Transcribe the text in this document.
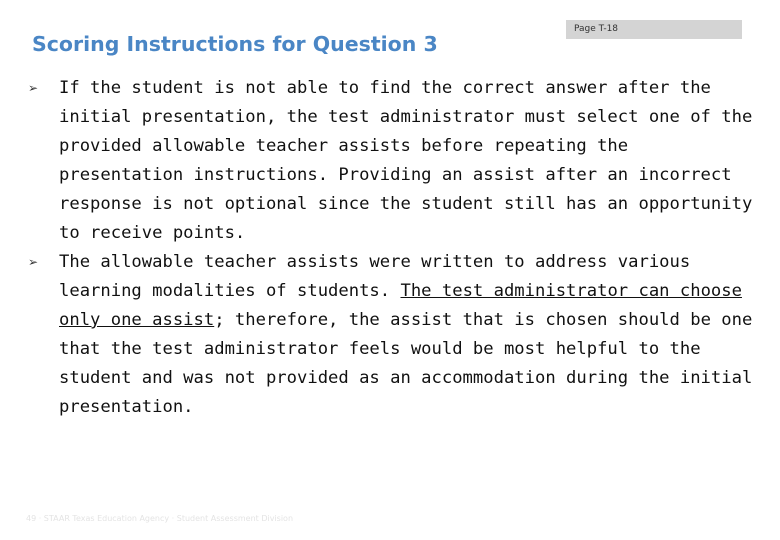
Scoring Instructions for Question 3
Page T-18
➢ If the student is not able to find the correct answer after the initial presentation, the test administrator must select one of the provided allowable teacher assists before repeating the presentation instructions. Providing an assist after an incorrect response is not optional since the student still has an opportunity to receive points.
➢ The allowable teacher assists were written to address various learning modalities of students. The test administrator can choose only one assist; therefore, the assist that is chosen should be one that the test administrator feels would be most helpful to the student and was not provided as an accommodation during the initial presentation.
49 · STAAR Texas Education Agency · Student Assessment Division
